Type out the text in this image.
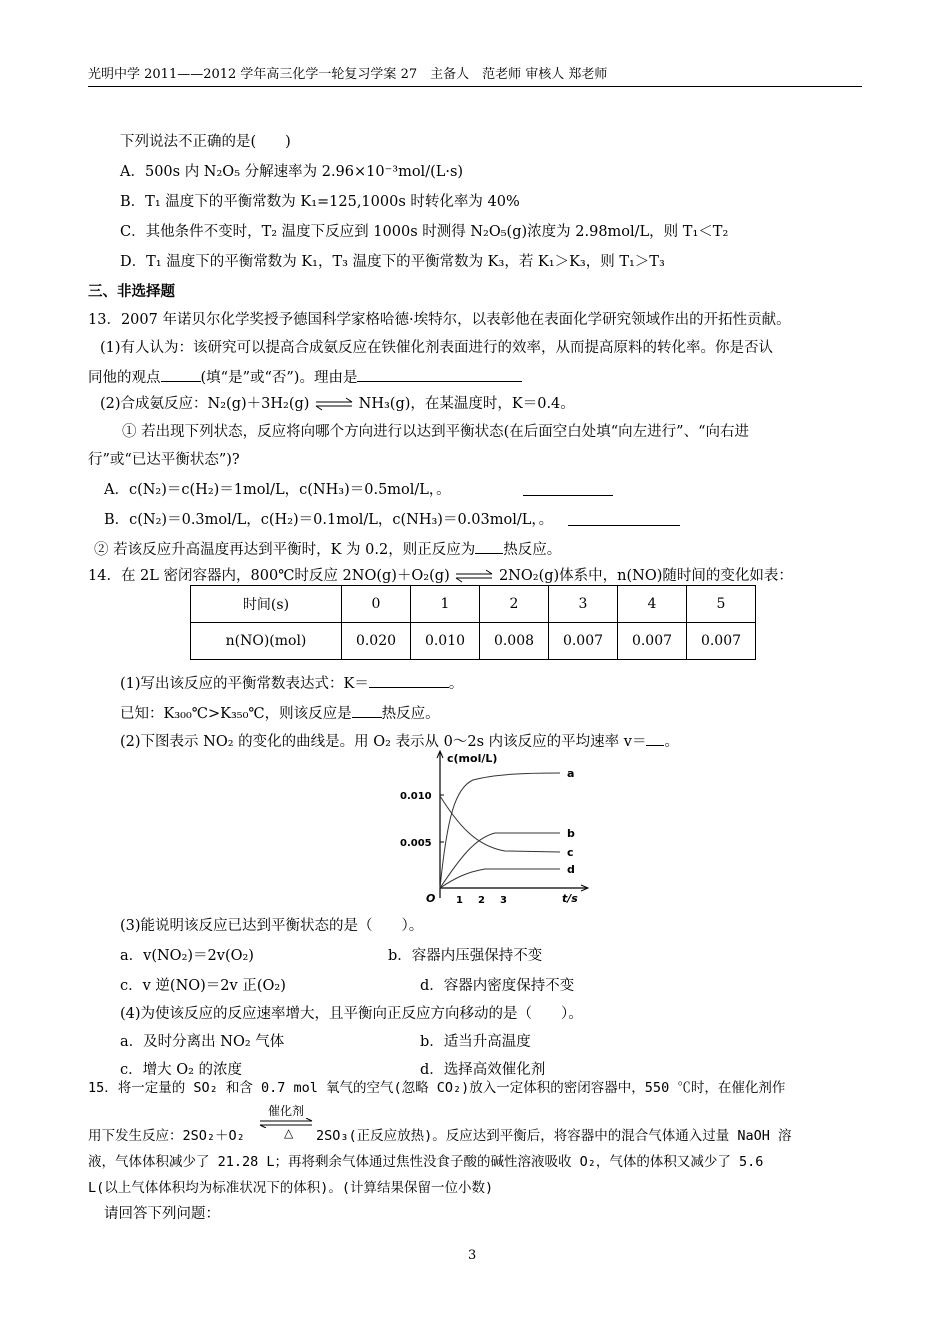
光明中学 2011——2012 学年高三化学一轮复习学案 27　主备人　范老师 审核人 郑老师
下列说法不正确的是(　　)
A．500s 内 N₂O₅ 分解速率为 2.96×10⁻³mol/(L·s)
B．T₁ 温度下的平衡常数为 K₁=125,1000s 时转化率为 40%
C．其他条件不变时，T₂ 温度下反应到 1000s 时测得 N₂O₅(g)浓度为 2.98mol/L，则 T₁＜T₂
D．T₁ 温度下的平衡常数为 K₁，T₃ 温度下的平衡常数为 K₃，若 K₁＞K₃，则 T₁＞T₃
三、非选择题
13．2007 年诺贝尔化学奖授予德国科学家格哈德·埃特尔，以表彰他在表面化学研究领域作出的开拓性贡献。
(1)有人认为：该研究可以提高合成氨反应在铁催化剂表面进行的效率，从而提高原料的转化率。你是否认
同他的观点	(填“是”或“否”)。理由是
(2)合成氨反应：N₂(g)＋3H₂(g) ⇌ NH₃(g)，在某温度时，K＝0.4。
① 若出现下列状态，反应将向哪个方向进行以达到平衡状态(在后面空白处填“向左进行”、“向右进
行”或“已达平衡状态”)?
A．c(N₂)＝c(H₂)＝1mol/L，c(NH₃)＝0.5mol/L，。
B．c(N₂)＝0.3mol/L，c(H₂)＝0.1mol/L，c(NH₃)＝0.03mol/L，。
② 若该反应升高温度再达到平衡时，K 为 0.2，则正反应为 热反应。
14．在 2L 密闭容器内，800℃时反应 2NO(g)＋O₂(g) ⇌ 2NO₂(g)体系中，n(NO)随时间的变化如表：
时间(s)	0	1	2	3	4	5
n(NO)(mol)	0.020	0.010	0.008	0.007	0.007	0.007
(1)写出该反应的平衡常数表达式：K＝	。
已知：K₃₀₀℃>K₃₅₀℃，则该反应是 热反应。
(2)下图表示 NO₂ 的变化的曲线是。用 O₂ 表示从 0～2s 内该反应的平均速率 v＝ 。
c(mol/L)
t/s
O
0.010
0.005
1 2 3
a
b
c
d
(3)能说明该反应已达到平衡状态的是（　　）。
a．v(NO₂)＝2v(O₂)	b．容器内压强保持不变
c．v 逆(NO)＝2v 正(O₂)	d．容器内密度保持不变
(4)为使该反应的反应速率增大，且平衡向正反应方向移动的是（　　）。
a．及时分离出 NO₂ 气体	b．适当升高温度
c．增大 O₂ 的浓度	d．选择高效催化剂
15．将一定量的 SO₂ 和含 0.7 mol 氧气的空气(忽略 CO₂)放入一定体积的密闭容器中，550 ℃时，在催化剂作
催化剂
△
用下发生反应：2SO₂＋O₂	2SO₃(正反应放热)。反应达到平衡后，将容器中的混合气体通入过量 NaOH 溶
液，气体体积减少了 21.28 L；再将剩余气体通过焦性没食子酸的碱性溶液吸收 O₂，气体的体积又减少了 5.6
L(以上气体体积均为标准状况下的体积)。(计算结果保留一位小数)
请回答下列问题：
3
